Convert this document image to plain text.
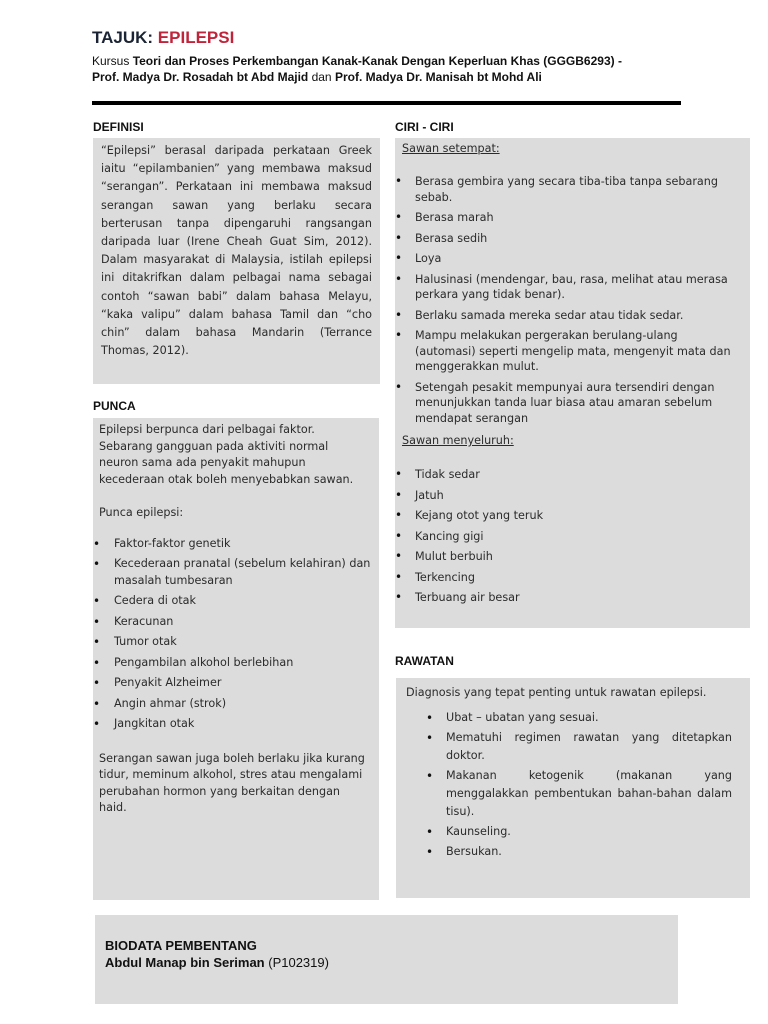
TAJUK: EPILEPSI
Kursus Teori dan Proses Perkembangan Kanak-Kanak Dengan Keperluan Khas (GGGB6293) -
Prof. Madya Dr. Rosadah bt Abd Majid dan Prof. Madya Dr. Manisah bt Mohd Ali
DEFINISI

“Epilepsi” berasal daripada perkataan Greek iaitu “epilambanien” yang membawa maksud “serangan”. Perkataan ini membawa maksud serangan sawan yang berlaku secara berterusan tanpa dipengaruhi rangsangan daripada luar (Irene Cheah Guat Sim, 2012). Dalam masyarakat di Malaysia, istilah epilepsi ini ditakrifkan dalam pelbagai nama sebagai contoh “sawan babi” dalam bahasa Melayu, “kaka valipu” dalam bahasa Tamil dan “cho chin” dalam bahasa Mandarin (Terrance Thomas, 2012).

PUNCA
Epilepsi berpunca dari pelbagai faktor. Sebarang gangguan pada aktiviti normal neuron sama ada penyakit mahupun kecederaan otak boleh menyebabkan sawan.
Punca epilepsi:
• Faktor-faktor genetik
• Kecederaan pranatal (sebelum kelahiran) dan masalah tumbesaran
• Cedera di otak
• Keracunan
• Tumor otak
• Pengambilan alkohol berlebihan
• Penyakit Alzheimer
• Angin ahmar (strok)
• Jangkitan otak
Serangan sawan juga boleh berlaku jika kurang tidur, meminum alkohol, stres atau mengalami perubahan hormon yang berkaitan dengan haid.
CIRI - CIRI
Sawan setempat:
• Berasa gembira yang secara tiba-tiba tanpa sebarang sebab.
• Berasa marah
• Berasa sedih
• Loya
• Halusinasi (mendengar, bau, rasa, melihat atau merasa perkara yang tidak benar).
• Berlaku samada mereka sedar atau tidak sedar.
• Mampu melakukan pergerakan berulang-ulang (automasi) seperti mengelip mata, mengenyit mata dan menggerakkan mulut.
• Setengah pesakit mempunyai aura tersendiri dengan menunjukkan tanda luar biasa atau amaran sebelum mendapat serangan
Sawan menyeluruh:
• Tidak sedar
• Jatuh
• Kejang otot yang teruk
• Kancing gigi
• Mulut berbuih
• Terkencing
• Terbuang air besar
RAWATAN
Diagnosis yang tepat penting untuk rawatan epilepsi.
• Ubat – ubatan yang sesuai.
• Mematuhi regimen rawatan yang ditetapkan doktor.
• Makanan ketogenik (makanan yang menggalakkan pembentukan bahan-bahan dalam tisu).
• Kaunseling.
• Bersukan.
BIODATA PEMBENTANG
Abdul Manap bin Seriman (P102319)
